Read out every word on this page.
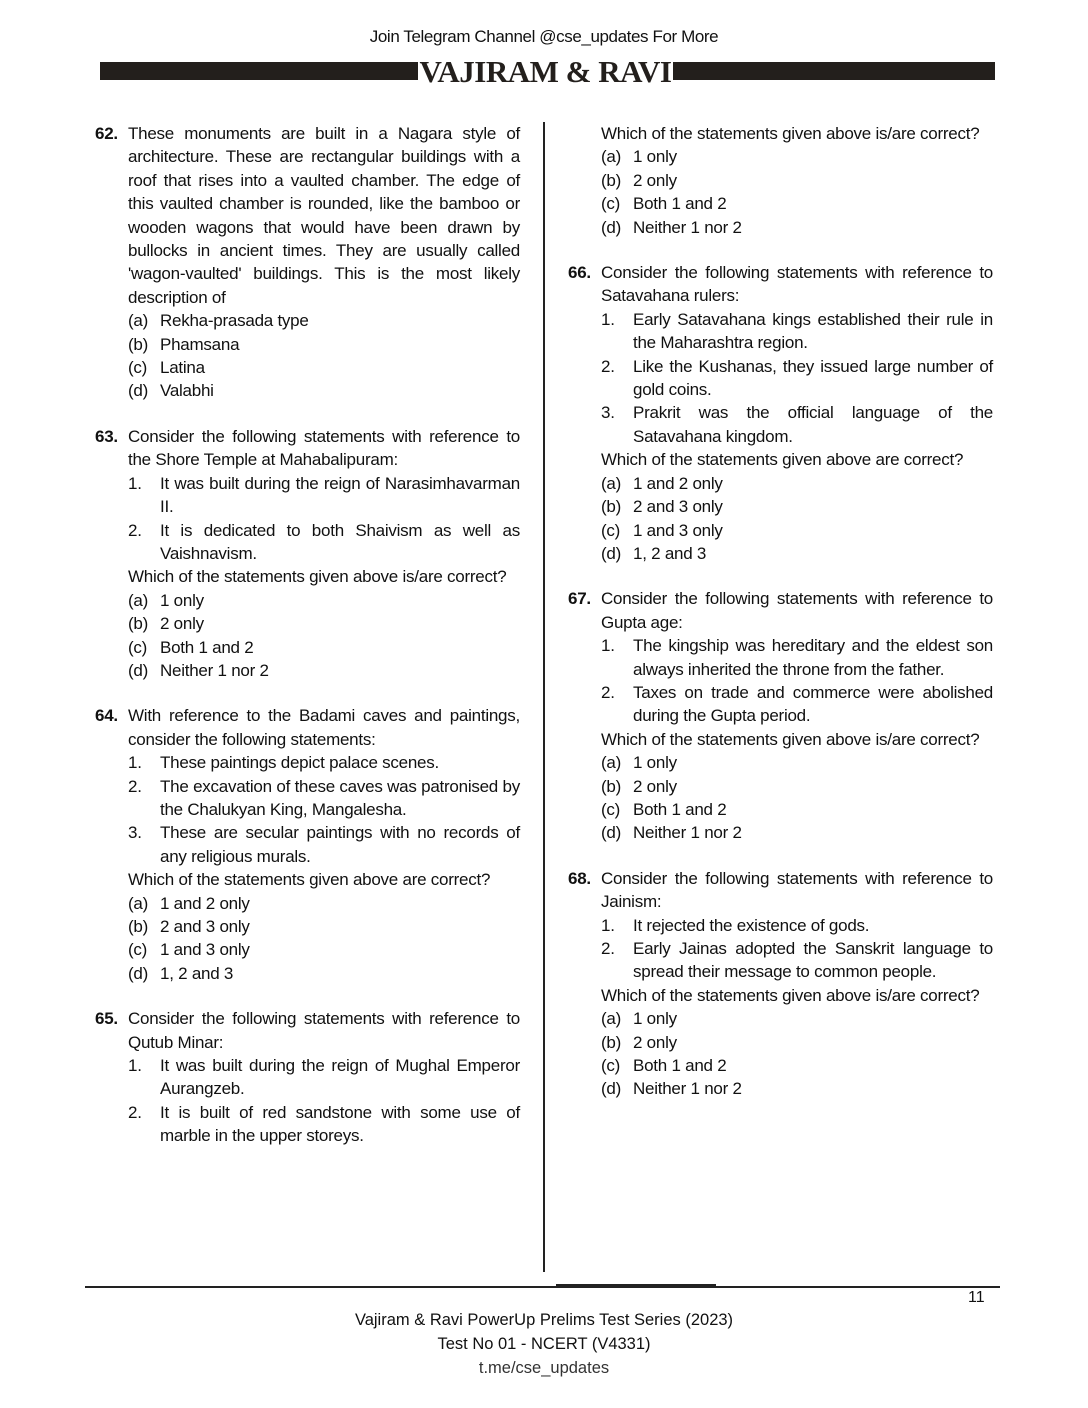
VAJIRAM & RAVI
Join Telegram Channel @cse_updates For More
62. These monuments are built in a Nagara style of architecture. These are rectangular buildings with a roof that rises into a vaulted chamber. The edge of this vaulted chamber is rounded, like the bamboo or wooden wagons that would have been drawn by bullocks in ancient times. They are usually called 'wagon-vaulted' buildings. This is the most likely description of
(a) Rekha-prasada type
(b) Phamsana
(c) Latina
(d) Valabhi
63. Consider the following statements with reference to the Shore Temple at Mahabalipuram:
1.	It was built during the reign of Narasimhavarman II.
2.	It is dedicated to both Shaivism as well as Vaishnavism.
Which of the statements given above is/are correct?
(a) 1 only
(b) 2 only
(c) Both 1 and 2
(d) Neither 1 nor 2
64. With reference to the Badami caves and paintings, consider the following statements:
1.	These paintings depict palace scenes.
2.	The excavation of these caves was patronised by the Chalukyan King, Mangalesha.
3.	These are secular paintings with no records of any religious murals.
Which of the statements given above are correct?
(a) 1 and 2 only
(b) 2 and 3 only
(c) 1 and 3 only
(d) 1, 2 and 3
65. Consider the following statements with reference to Qutub Minar:
1.	It was built during the reign of Mughal Emperor Aurangzeb.
2.	It is built of red sandstone with some use of marble in the upper storeys.
Which of the statements given above is/are correct?
(a) 1 only
(b) 2 only
(c) Both 1 and 2
(d) Neither 1 nor 2
66. Consider the following statements with reference to Satavahana rulers:
1.	Early Satavahana kings established their rule in the Maharashtra region.
2.	Like the Kushanas, they issued large number of gold coins.
3.	Prakrit was the official language of the Satavahana kingdom.
Which of the statements given above are correct?
(a) 1 and 2 only
(b) 2 and 3 only
(c) 1 and 3 only
(d) 1, 2 and 3
67. Consider the following statements with reference to Gupta age:
1.	The kingship was hereditary and the eldest son always inherited the throne from the father.
2.	Taxes on trade and commerce were abolished during the Gupta period.
Which of the statements given above is/are correct?
(a) 1 only
(b) 2 only
(c) Both 1 and 2
(d) Neither 1 nor 2
68. Consider the following statements with reference to Jainism:
1.	It rejected the existence of gods.
2.	Early Jainas adopted the Sanskrit language to spread their message to common people.
Which of the statements given above is/are correct?
(a) 1 only
(b) 2 only
(c) Both 1 and 2
(d) Neither 1 nor 2
11
Vajiram & Ravi PowerUp Prelims Test Series (2023)
Test No 01 - NCERT (V4331)
t.me/cse_updates
